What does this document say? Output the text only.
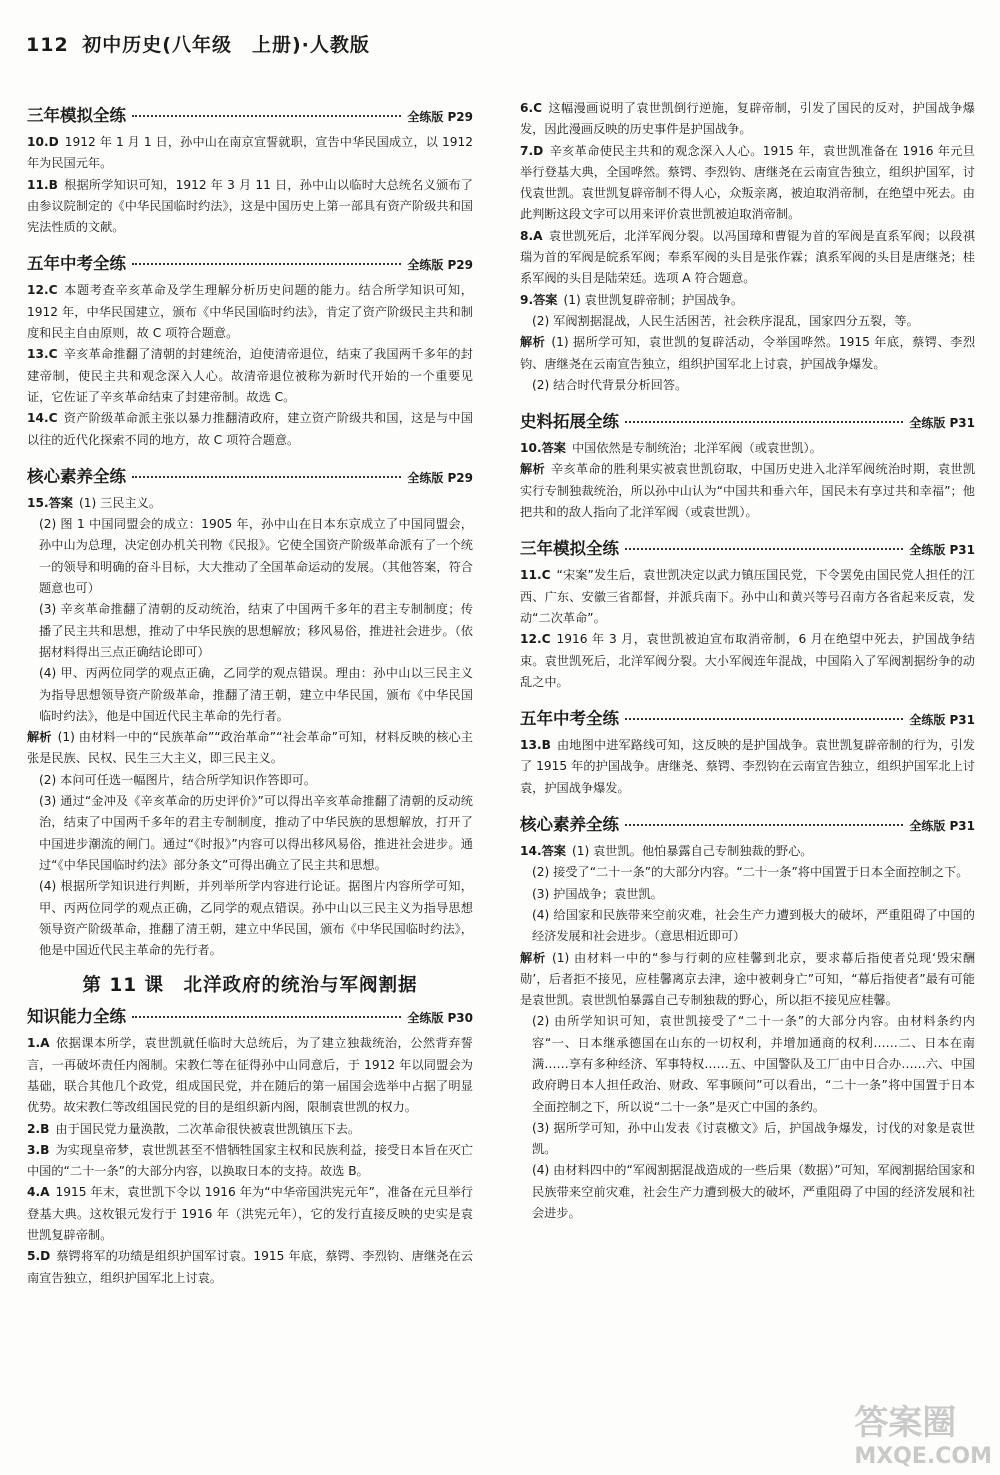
112 初中历史(八年级　上册)·人教版
三年模拟全练	全练版 P29

10.D 1912 年 1 月 1 日，孙中山在南京宣誓就职，宣告中华民国成立，以 1912 年为民国元年。

11.B 根据所学知识可知，1912 年 3 月 11 日，孙中山以临时大总统名义颁布了由参议院制定的《中华民国临时约法》，这是中国历史上第一部具有资产阶级共和国宪法性质的文献。

五年中考全练	全练版 P29

12.C 本题考查辛亥革命及学生理解分析历史问题的能力。结合所学知识可知，1912 年，中华民国建立，颁布《中华民国临时约法》，肯定了资产阶级民主共和制度和民主自由原则，故 C 项符合题意。

13.C 辛亥革命推翻了清朝的封建统治，迫使清帝退位，结束了我国两千多年的封建帝制，使民主共和观念深入人心。故清帝退位被称为新时代开始的一个重要见证，它佐证了辛亥革命结束了封建帝制。故选 C。

14.C 资产阶级革命派主张以暴力推翻清政府，建立资产阶级共和国，这是与中国以往的近代化探索不同的地方，故 C 项符合题意。

核心素养全练	全练版 P29

15.答案 (1) 三民主义。

(2) 图 1 中国同盟会的成立：1905 年，孙中山在日本东京成立了中国同盟会，孙中山为总理，决定创办机关刊物《民报》。它使全国资产阶级革命派有了一个统一的领导和明确的奋斗目标，大大推动了全国革命运动的发展。（其他答案，符合题意也可）

(3) 辛亥革命推翻了清朝的反动统治，结束了中国两千多年的君主专制制度；传播了民主共和思想，推动了中华民族的思想解放；移风易俗，推进社会进步。（依据材料得出三点正确结论即可）

(4) 甲、丙两位同学的观点正确，乙同学的观点错误。理由：孙中山以三民主义为指导思想领导资产阶级革命，推翻了清王朝，建立中华民国，颁布《中华民国临时约法》，他是中国近代民主革命的先行者。

解析 (1) 由材料一中的“民族革命”“政治革命”“社会革命”可知，材料反映的核心主张是民族、民权、民生三大主义，即三民主义。

(2) 本问可任选一幅图片，结合所学知识作答即可。

(3) 通过“金冲及《辛亥革命的历史评价》”可以得出辛亥革命推翻了清朝的反动统治，结束了中国两千多年的君主专制制度，推动了中华民族的思想解放，打开了中国进步潮流的闸门。通过“《时报》”内容可以得出移风易俗，推进社会进步。通过“《中华民国临时约法》部分条文”可得出确立了民主共和思想。

(4) 根据所学知识进行判断，并列举所学内容进行论证。据图片内容所学可知，甲、丙两位同学的观点正确，乙同学的观点错误。孙中山以三民主义为指导思想领导资产阶级革命，推翻了清王朝，建立中华民国，颁布《中华民国临时约法》，他是中国近代民主革命的先行者。

第 11 课　北洋政府的统治与军阀割据
知识能力全练	全练版 P30

1.A 依据课本所学，袁世凯就任临时大总统后，为了建立独裁统治，公然背弃誓言，一再破坏责任内阁制。宋教仁等在征得孙中山同意后，于 1912 年以同盟会为基础，联合其他几个政党，组成国民党，并在随后的第一届国会选举中占据了明显优势。故宋教仁等改组国民党的目的是组织新内阁，限制袁世凯的权力。

2.B 由于国民党力量涣散，二次革命很快被袁世凯镇压下去。

3.B 为实现皇帝梦，袁世凯甚至不惜牺牲国家主权和民族利益，接受日本旨在灭亡中国的“二十一条”的大部分内容，以换取日本的支持。故选 B。

4.A 1915 年末，袁世凯下令以 1916 年为“中华帝国洪宪元年”，准备在元旦举行登基大典。这枚银元发行于 1916 年（洪宪元年），它的发行直接反映的史实是袁世凯复辟帝制。

5.D 蔡锷将军的功绩是组织护国军讨袁。1915 年底，蔡锷、李烈钧、唐继尧在云南宣告独立，组织护国军北上讨袁。

6.C 这幅漫画说明了袁世凯倒行逆施，复辟帝制，引发了国民的反对，护国战争爆发，因此漫画反映的历史事件是护国战争。

7.D 辛亥革命使民主共和的观念深入人心。1915 年，袁世凯准备在 1916 年元旦举行登基大典，全国哗然。蔡锷、李烈钧、唐继尧在云南宣告独立，组织护国军，讨伐袁世凯。袁世凯复辟帝制不得人心，众叛亲离，被迫取消帝制，在绝望中死去。由此判断这段文字可以用来评价袁世凯被迫取消帝制。

8.A 袁世凯死后，北洋军阀分裂。以冯国璋和曹锟为首的军阀是直系军阀；以段祺瑞为首的军阀是皖系军阀；奉系军阀的头目是张作霖；滇系军阀的头目是唐继尧；桂系军阀的头目是陆荣廷。选项 A 符合题意。

9.答案 (1) 袁世凯复辟帝制；护国战争。

(2) 军阀割据混战，人民生活困苦，社会秩序混乱，国家四分五裂，等。

解析 (1) 据所学可知，袁世凯的复辟活动，令举国哗然。1915 年底，蔡锷、李烈钧、唐继尧在云南宣告独立，组织护国军北上讨袁，护国战争爆发。

(2) 结合时代背景分析回答。

史料拓展全练	全练版 P31

10.答案 中国依然是专制统治；北洋军阀（或袁世凯）。

解析 辛亥革命的胜利果实被袁世凯窃取，中国历史进入北洋军阀统治时期，袁世凯实行专制独裁统治，所以孙中山认为“中国共和垂六年，国民未有享过共和幸福”；他把共和的敌人指向了北洋军阀（或袁世凯）。

三年模拟全练	全练版 P31

11.C “宋案”发生后，袁世凯决定以武力镇压国民党，下令罢免由国民党人担任的江西、广东、安徽三省都督，并派兵南下。孙中山和黄兴等号召南方各省起来反袁，发动“二次革命”。

12.C 1916 年 3 月，袁世凯被迫宣布取消帝制，6 月在绝望中死去，护国战争结束。袁世凯死后，北洋军阀分裂。大小军阀连年混战，中国陷入了军阀割据纷争的动乱之中。

五年中考全练	全练版 P31

13.B 由地图中进军路线可知，这反映的是护国战争。袁世凯复辟帝制的行为，引发了 1915 年的护国战争。唐继尧、蔡锷、李烈钧在云南宣告独立，组织护国军北上讨袁，护国战争爆发。

核心素养全练	全练版 P31

14.答案 (1) 袁世凯。他怕暴露自己专制独裁的野心。

(2) 接受了“二十一条”的大部分内容。“二十一条”将中国置于日本全面控制之下。

(3) 护国战争；袁世凯。

(4) 给国家和民族带来空前灾难，社会生产力遭到极大的破坏，严重阻碍了中国的经济发展和社会进步。（意思相近即可）

解析 (1) 由材料一中的“参与行刺的应桂馨到北京，要求幕后指使者兑现‘毁宋酬勋’，后者拒不接见，应桂馨离京去津，途中被刺身亡”可知，“幕后指使者”最有可能是袁世凯。袁世凯怕暴露自己专制独裁的野心，所以拒不接见应桂馨。

(2) 由所学知识可知，袁世凯接受了“二十一条”的大部分内容。由材料条约内容“一、日本继承德国在山东的一切权利，并增加通商的权利……二、日本在南满……享有多种经济、军事特权……五、中国警队及工厂由中日合办……六、中国政府聘日本人担任政治、财政、军事顾问”可以看出，“二十一条”将中国置于日本全面控制之下，所以说“二十一条”是灭亡中国的条约。

(3) 据所学可知，孙中山发表《讨袁檄文》后，护国战争爆发，讨伐的对象是袁世凯。

(4) 由材料四中的“军阀割据混战造成的一些后果（数据）”可知，军阀割据给国家和民族带来空前灾难，社会生产力遭到极大的破坏，严重阻碍了中国的经济发展和社会进步。

答案圈
MXQE.COM
